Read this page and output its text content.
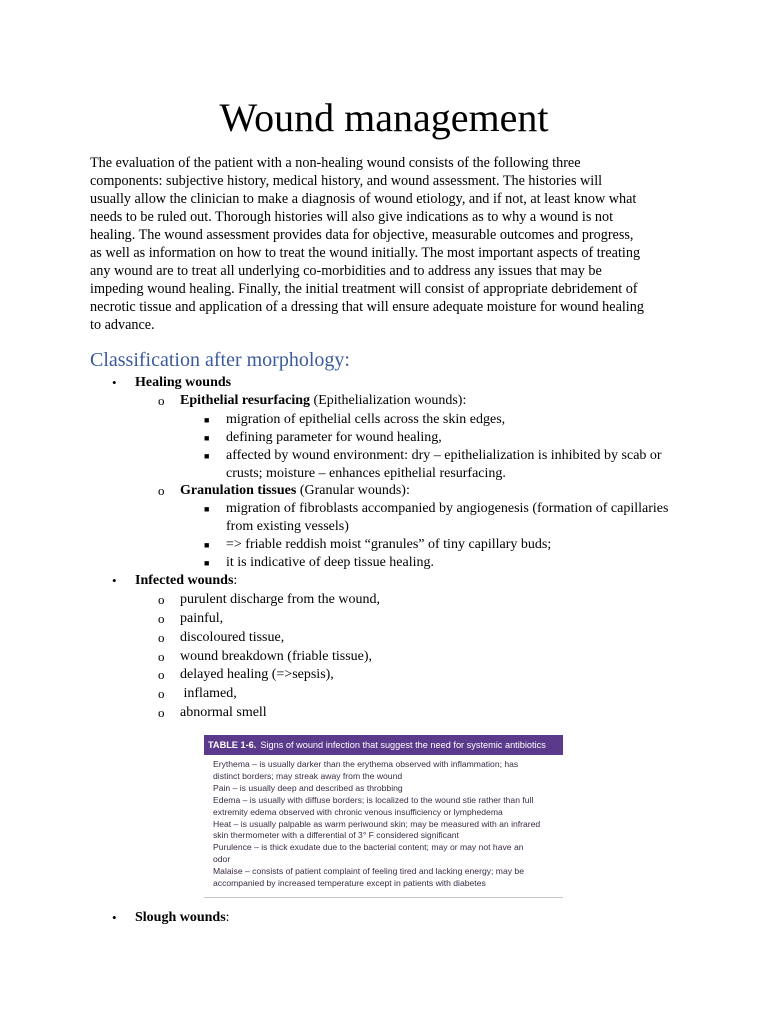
Wound management

The evaluation of the patient with a non-healing wound consists of the following three
components: subjective history, medical history, and wound assessment. The histories will
usually allow the clinician to make a diagnosis of wound etiology, and if not, at least know what
needs to be ruled out. Thorough histories will also give indications as to why a wound is not
healing. The wound assessment provides data for objective, measurable outcomes and progress,
as well as information on how to treat the wound initially. The most important aspects of treating
any wound are to treat all underlying co-morbidities and to address any issues that may be
impeding wound healing. Finally, the initial treatment will consist of appropriate debridement of
necrotic tissue and application of a dressing that will ensure adequate moisture for wound healing
to advance.

Classification after morphology:
• Healing wounds
o Epithelial resurfacing (Epithelialization wounds):
■ migration of epithelial cells across the skin edges,
■ defining parameter for wound healing,
■ affected by wound environment: dry – epithelialization is inhibited by scab or
crusts; moisture – enhances epithelial resurfacing.
o Granulation tissues (Granular wounds):
■ migration of fibroblasts accompanied by angiogenesis (formation of capillaries
from existing vessels)
■ => friable reddish moist “granules” of tiny capillary buds;
■ it is indicative of deep tissue healing.
• Infected wounds:
o purulent discharge from the wound,
o painful,
o discoloured tissue,
o wound breakdown (friable tissue),
o delayed healing (=>sepsis),
o inflamed,
o abnormal smell
TABLE 1-6. Signs of wound infection that suggest the need for systemic antibiotics
Erythema – is usually darker than the erythema observed with inflammation; has
distinct borders; may streak away from the wound
Pain – is usually deep and described as throbbing
Edema – is usually with diffuse borders; is localized to the wound stie rather than full
extremity edema observed with chronic venous insufficiency or lymphedema
Heat – is usually palpable as warm periwound skin; may be measured with an infrared
skin thermometer with a differential of 3° F considered significant
Purulence – is thick exudate due to the bacterial content; may or may not have an
odor
Malaise – consists of patient complaint of feeling tired and lacking energy; may be
accompanied by increased temperature except in patients with diabetes
• Slough wounds:
